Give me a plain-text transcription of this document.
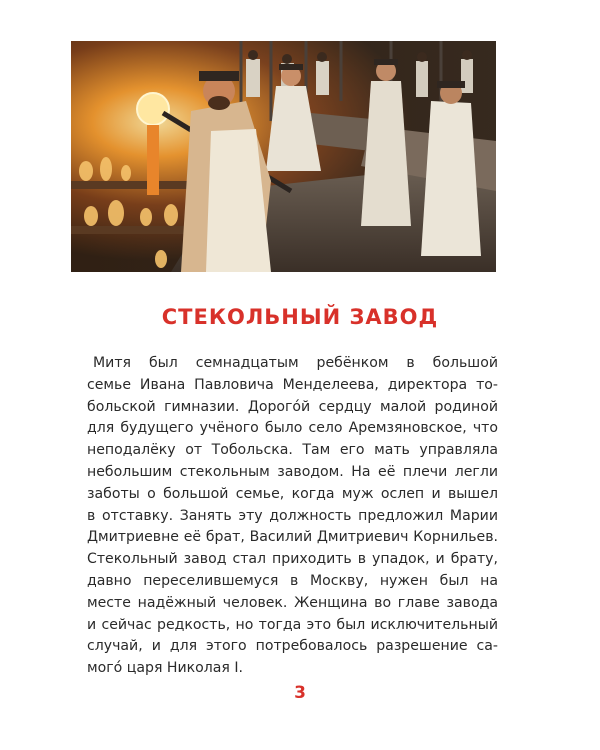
СТЕКОЛЬНЫЙ ЗАВОД
Митя был семнадцатым ребёнком в большой
семье Ивана Павловича Менделеева, директора то-
больской гимназии. Дорогóй сердцу малой родиной
для будущего учёного было село Аремзяновское, что
неподалёку от Тобольска. Там его мать управляла
небольшим стекольным заводом. На её плечи легли
заботы о большой семье, когда муж ослеп и вышел
в отставку. Занять эту должность предложил Марии
Дмитриевне её брат, Василий Дмитриевич Корнильев.
Стекольный завод стал приходить в упадок, и брату,
давно переселившемуся в Москву, нужен был на
месте надёжный человек. Женщина во главе завода
и сейчас редкость, но тогда это был исключительный
случай, и для этого потребовалось разрешение са-
мого́ царя Николая I.
3
